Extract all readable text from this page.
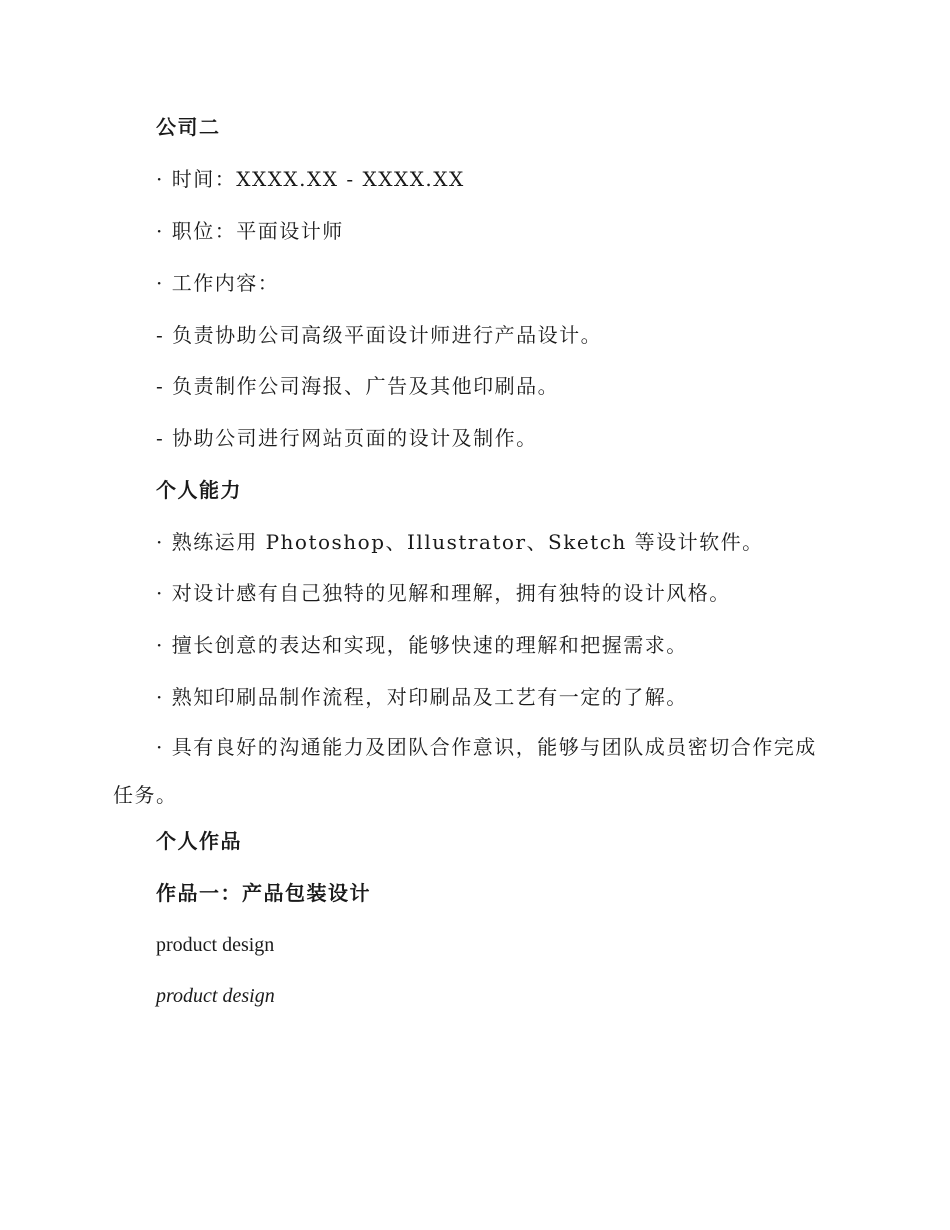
公司二
· 时间：XXXX.XX - XXXX.XX
· 职位：平面设计师
· 工作内容：
- 负责协助公司高级平面设计师进行产品设计。
- 负责制作公司海报、广告及其他印刷品。
- 协助公司进行网站页面的设计及制作。
个人能力
· 熟练运用 Photoshop、Illustrator、Sketch 等设计软件。
· 对设计感有自己独特的见解和理解，拥有独特的设计风格。
· 擅长创意的表达和实现，能够快速的理解和把握需求。
· 熟知印刷品制作流程，对印刷品及工艺有一定的了解。
· 具有良好的沟通能力及团队合作意识，能够与团队成员密切合作完成任务。
个人作品
作品一：产品包装设计
product design
product design
